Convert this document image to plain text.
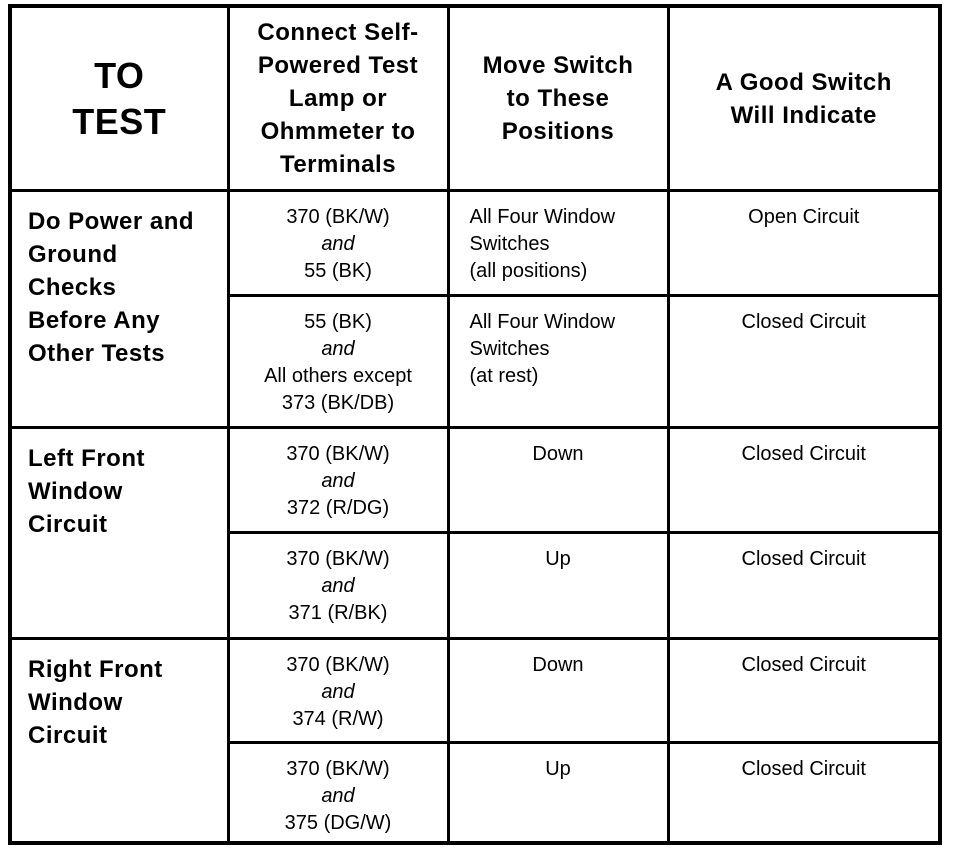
TO
TEST	Connect Self-
Powered Test
Lamp or
Ohmmeter to
Terminals	Move Switch
to These
Positions	A Good Switch
Will Indicate

Do Power and
Ground
Checks
Before Any
Other Tests	370 (BK/W)
and
55 (BK)	All Four Window
Switches
(all positions)	Open Circuit

	55 (BK)
and
All others except
373 (BK/DB)	All Four Window
Switches
(at rest)	Closed Circuit

Left Front
Window
Circuit	370 (BK/W)
and
372 (R/DG)	Down	Closed Circuit

	370 (BK/W)
and
371 (R/BK)	Up	Closed Circuit

Right Front
Window
Circuit	370 (BK/W)
and
374 (R/W)	Down	Closed Circuit

	370 (BK/W)
and
375 (DG/W)	Up	Closed Circuit
